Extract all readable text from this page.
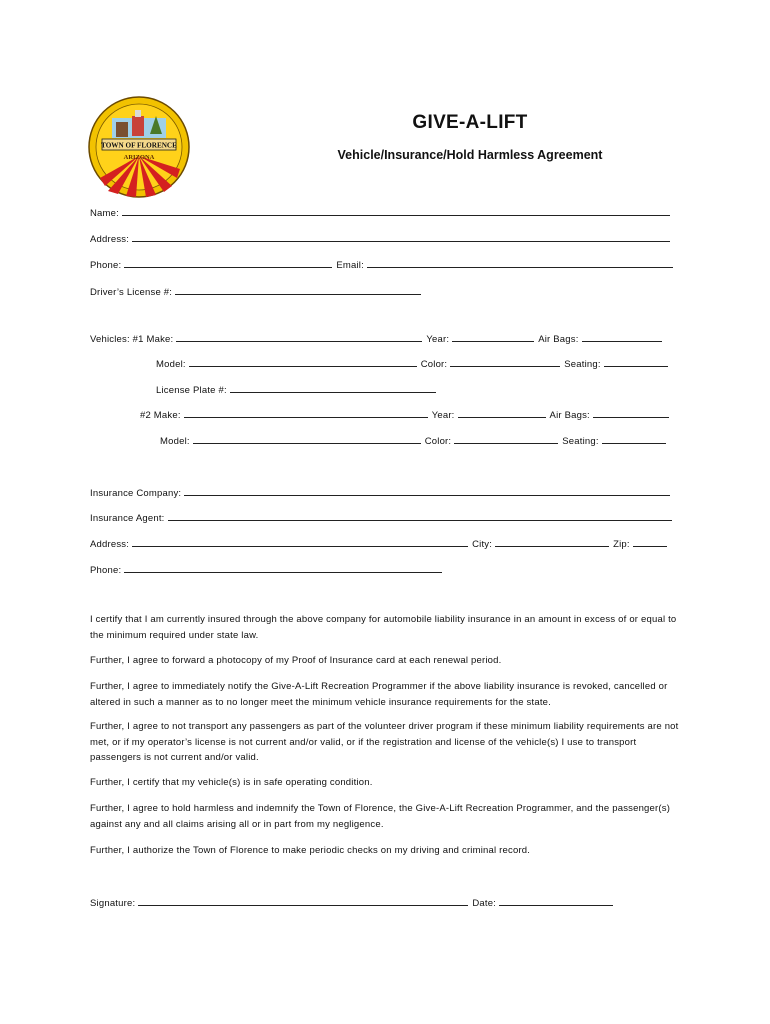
TOWN OF FLORENCE
ARIZONA
GIVE-A-LIFT
Vehicle/Insurance/Hold Harmless Agreement
Name:
Address:
Phone:	Email:
Driver’s License #:
Vehicles: #1 Make:	Year:	Air Bags:
Model:	Color:	Seating:
License Plate #:
#2 Make:	Year:	Air Bags:
Model:	Color:	Seating:
Insurance Company:
Insurance Agent:
Address:	City:	Zip:
Phone:
I certify that I am currently insured through the above company for automobile liability insurance in an amount in excess of or equal to the minimum required under state law.
Further, I agree to forward a photocopy of my Proof of Insurance card at each renewal period.
Further, I agree to immediately notify the Give-A-Lift Recreation Programmer if the above liability insurance is revoked, cancelled or altered in such a manner as to no longer meet the minimum vehicle insurance requirements for the state.
Further, I agree to not transport any passengers as part of the volunteer driver program if these minimum liability requirements are not met, or if my operator’s license is not current and/or valid, or if the registration and license of the vehicle(s) I use to transport passengers is not current and/or valid.
Further, I certify that my vehicle(s) is in safe operating condition.
Further, I agree to hold harmless and indemnify the Town of Florence, the Give-A-Lift Recreation Programmer, and the passenger(s) against any and all claims arising all or in part from my negligence.
Further, I authorize the Town of Florence to make periodic checks on my driving and criminal record.
Signature:	Date:
